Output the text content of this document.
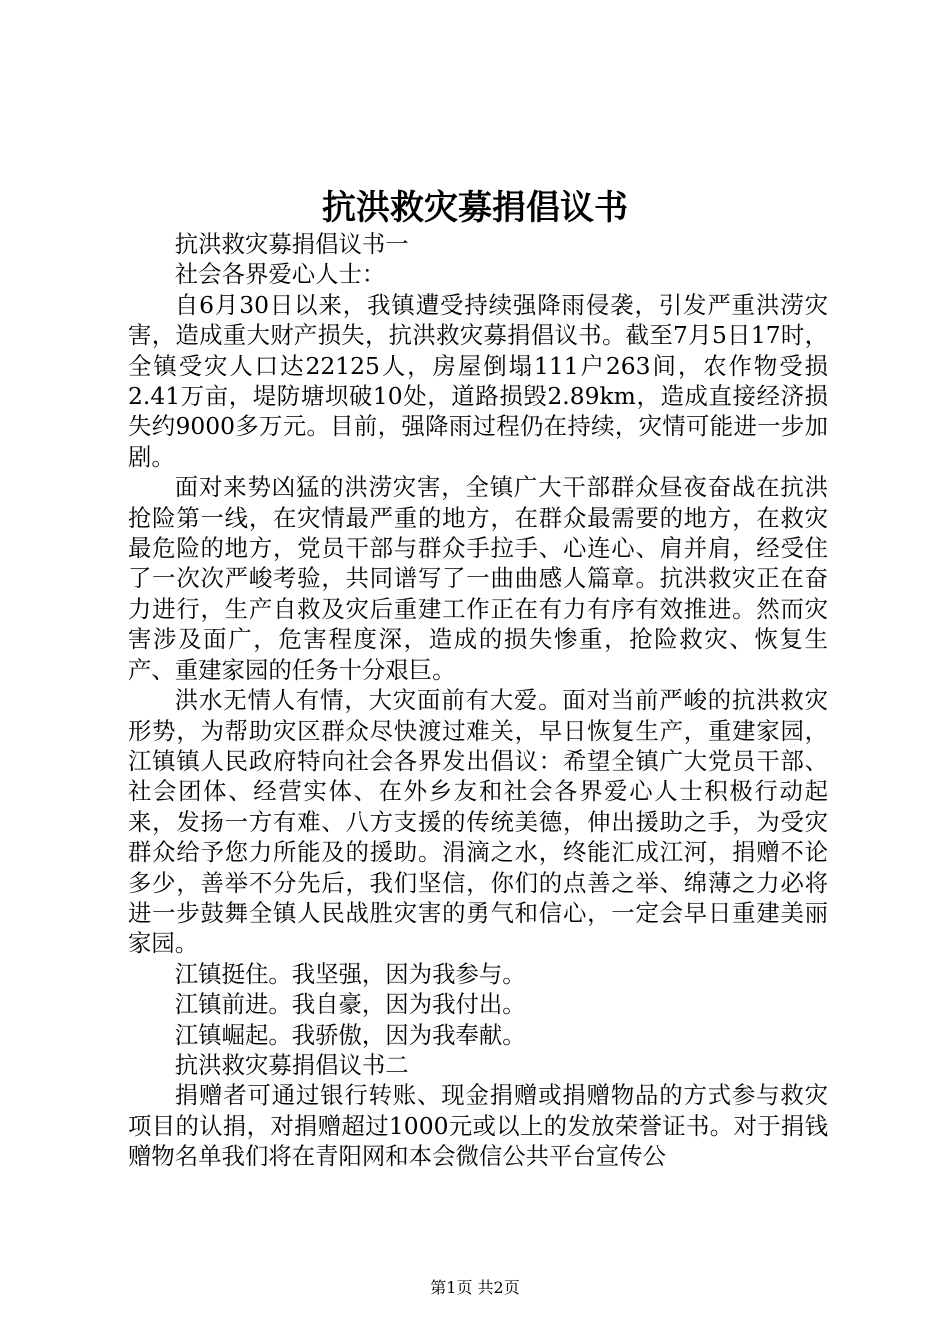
抗洪救灾募捐倡议书

抗洪救灾募捐倡议书一

社会各界爱心人士：

自6月30日以来，我镇遭受持续强降雨侵袭，引发严重洪涝灾害，造成重大财产损失，抗洪救灾募捐倡议书。截至7月5日17时，全镇受灾人口达22125人，房屋倒塌111户263间，农作物受损2.41万亩，堤防塘坝破10处，道路损毁2.89km，造成直接经济损失约9000多万元。目前，强降雨过程仍在持续，灾情可能进一步加剧。

面对来势凶猛的洪涝灾害，全镇广大干部群众昼夜奋战在抗洪抢险第一线，在灾情最严重的地方，在群众最需要的地方，在救灾最危险的地方，党员干部与群众手拉手、心连心、肩并肩，经受住了一次次严峻考验，共同谱写了一曲曲感人篇章。抗洪救灾正在奋力进行，生产自救及灾后重建工作正在有力有序有效推进。然而灾害涉及面广，危害程度深，造成的损失惨重，抢险救灾、恢复生产、重建家园的任务十分艰巨。

洪水无情人有情，大灾面前有大爱。面对当前严峻的抗洪救灾形势，为帮助灾区群众尽快渡过难关，早日恢复生产，重建家园，江镇镇人民政府特向社会各界发出倡议：希望全镇广大党员干部、社会团体、经营实体、在外乡友和社会各界爱心人士积极行动起来，发扬一方有难、八方支援的传统美德，伸出援助之手，为受灾群众给予您力所能及的援助。涓滴之水，终能汇成江河，捐赠不论多少，善举不分先后，我们坚信，你们的点善之举、绵薄之力必将进一步鼓舞全镇人民战胜灾害的勇气和信心，一定会早日重建美丽家园。

江镇挺住。我坚强，因为我参与。

江镇前进。我自豪，因为我付出。

江镇崛起。我骄傲，因为我奉献。

抗洪救灾募捐倡议书二

捐赠者可通过银行转账、现金捐赠或捐赠物品的方式参与救灾项目的认捐，对捐赠超过1000元或以上的发放荣誉证书。对于捐钱赠物名单我们将在青阳网和本会微信公共平台宣传公

第1页 共2页
